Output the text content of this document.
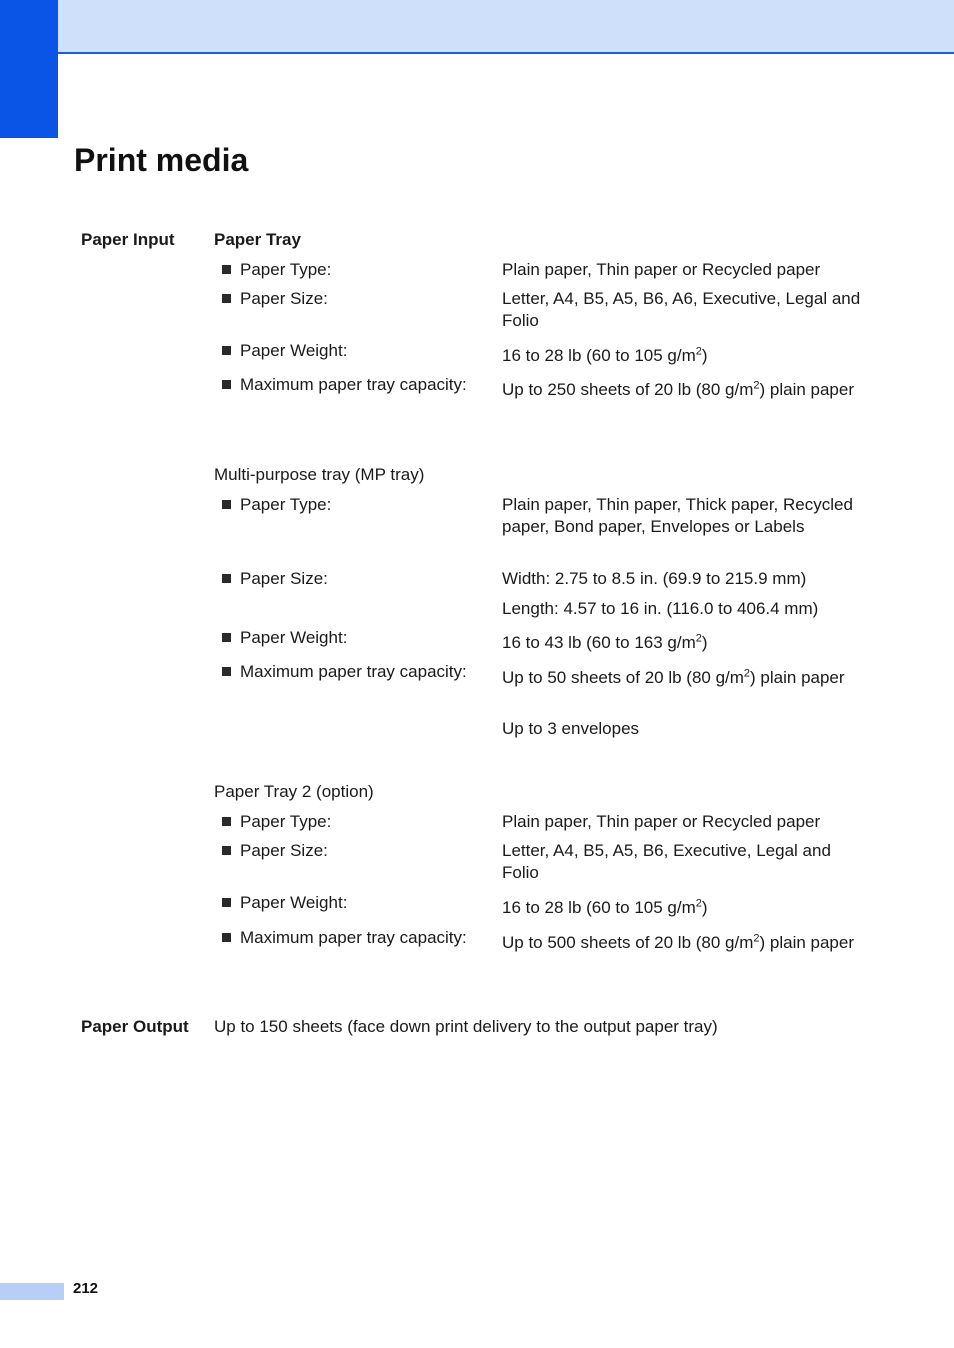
Print media
Paper Input Paper Tray
Paper Type:	Plain paper, Thin paper or Recycled paper
Paper Size:	Letter, A4, B5, A5, B6, A6, Executive, Legal and Folio
Paper Weight:	16 to 28 lb (60 to 105 $g/m^2$)
Maximum paper tray capacity: Up to 250 sheets of 20 lb (80 $g/m^2$) plain paper
Multi-purpose tray (MP tray)
Paper Type:	Plain paper, Thin paper, Thick paper, Recycled paper, Bond paper, Envelopes or Labels
Paper Size:	Width: 2.75 to 8.5 in. (69.9 to 215.9 mm)
Length: 4.57 to 16 in. (116.0 to 406.4 mm)
Paper Weight:	16 to 43 lb (60 to 163 $g/m^2$)
Maximum paper tray capacity: Up to 50 sheets of 20 lb (80 $g/m^2$) plain paper
Up to 3 envelopes
Paper Tray 2 (option)
Paper Type:	Plain paper, Thin paper or Recycled paper
Paper Size:	Letter, A4, B5, A5, B6, Executive, Legal and Folio
Paper Weight:	16 to 28 lb (60 to 105 $g/m^2$)
Maximum paper tray capacity: Up to 500 sheets of 20 lb (80 $g/m^2$) plain paper
Paper Output Up to 150 sheets (face down print delivery to the output paper tray)
212
